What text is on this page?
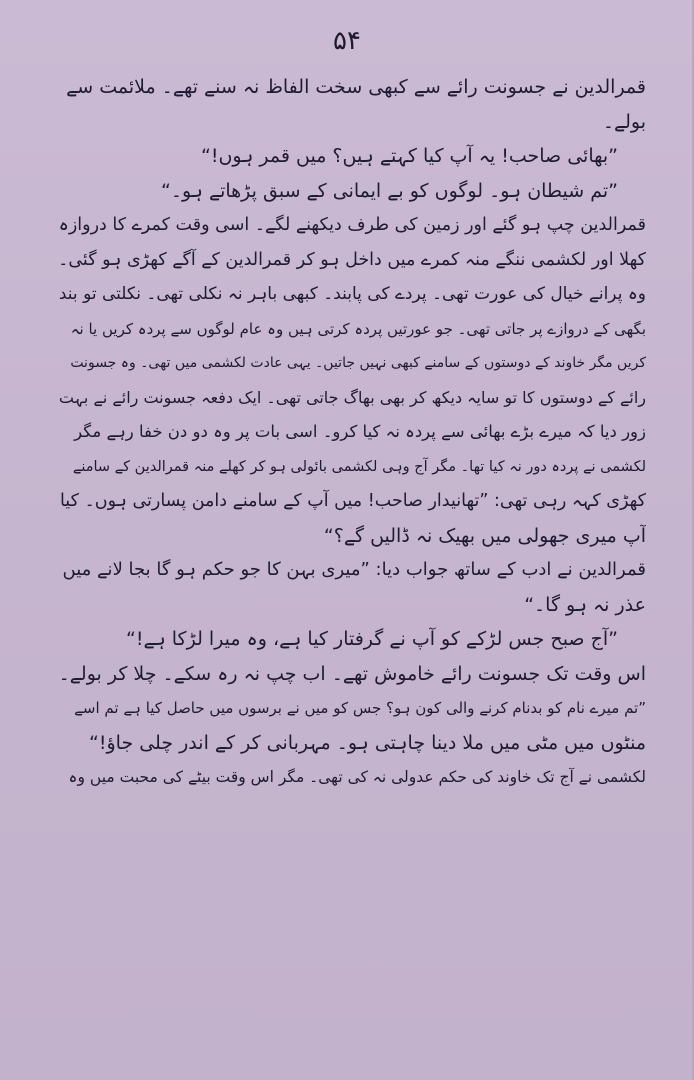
۵۴
قمرالدین نے جسونت رائے سے کبھی سخت الفاظ نہ سنے تھے۔ ملائمت سے
بولے۔
”بھائی صاحب! یہ آپ کیا کہتے ہیں؟ میں قمر ہوں!“
”تم شیطان ہو۔ لوگوں کو بے ایمانی کے سبق پڑھاتے ہو۔“
قمرالدین چپ ہو گئے اور زمین کی طرف دیکھنے لگے۔ اسی وقت کمرے کا دروازہ
کھلا اور لکشمی ننگے منہ کمرے میں داخل ہو کر قمرالدین کے آگے کھڑی ہو گئی۔
وہ پرانے خیال کی عورت تھی۔ پردے کی پابند۔ کبھی باہر نہ نکلی تھی۔ نکلتی تو بند
بگھی کے دروازے پر جاتی تھی۔ جو عورتیں پردہ کرتی ہیں وہ عام لوگوں سے پردہ کریں یا نہ
کریں مگر خاوند کے دوستوں کے سامنے کبھی نہیں جاتیں۔ یہی عادت لکشمی میں تھی۔ وہ جسونت
رائے کے دوستوں کا تو سایہ دیکھ کر بھی بھاگ جاتی تھی۔ ایک دفعہ جسونت رائے نے بہت
زور دیا کہ میرے بڑے بھائی سے پردہ نہ کیا کرو۔ اسی بات پر وہ دو دن خفا رہے مگر
لکشمی نے پردہ دور نہ کیا تھا۔ مگر آج وہی لکشمی بائولی ہو کر کھلے منہ قمرالدین کے سامنے
کھڑی کہہ رہی تھی: ”تھانیدار صاحب! میں آپ کے سامنے دامن پسارتی ہوں۔ کیا
آپ میری جھولی میں بھیک نہ ڈالیں گے؟“
قمرالدین نے ادب کے ساتھ جواب دیا: ”میری بہن کا جو حکم ہو گا بجا لانے میں
عذر نہ ہو گا۔“
”آج صبح جس لڑکے کو آپ نے گرفتار کیا ہے، وہ میرا لڑکا ہے!“
اس وقت تک جسونت رائے خاموش تھے۔ اب چپ نہ رہ سکے۔ چلا کر بولے۔
”تم میرے نام کو بدنام کرنے والی کون ہو؟ جس کو میں نے برسوں میں حاصل کیا ہے تم اسے
منٹوں میں مٹی میں ملا دینا چاہتی ہو۔ مہربانی کر کے اندر چلی جاؤ!“
لکشمی نے آج تک خاوند کی حکم عدولی نہ کی تھی۔ مگر اس وقت بیٹے کی محبت میں وہ
